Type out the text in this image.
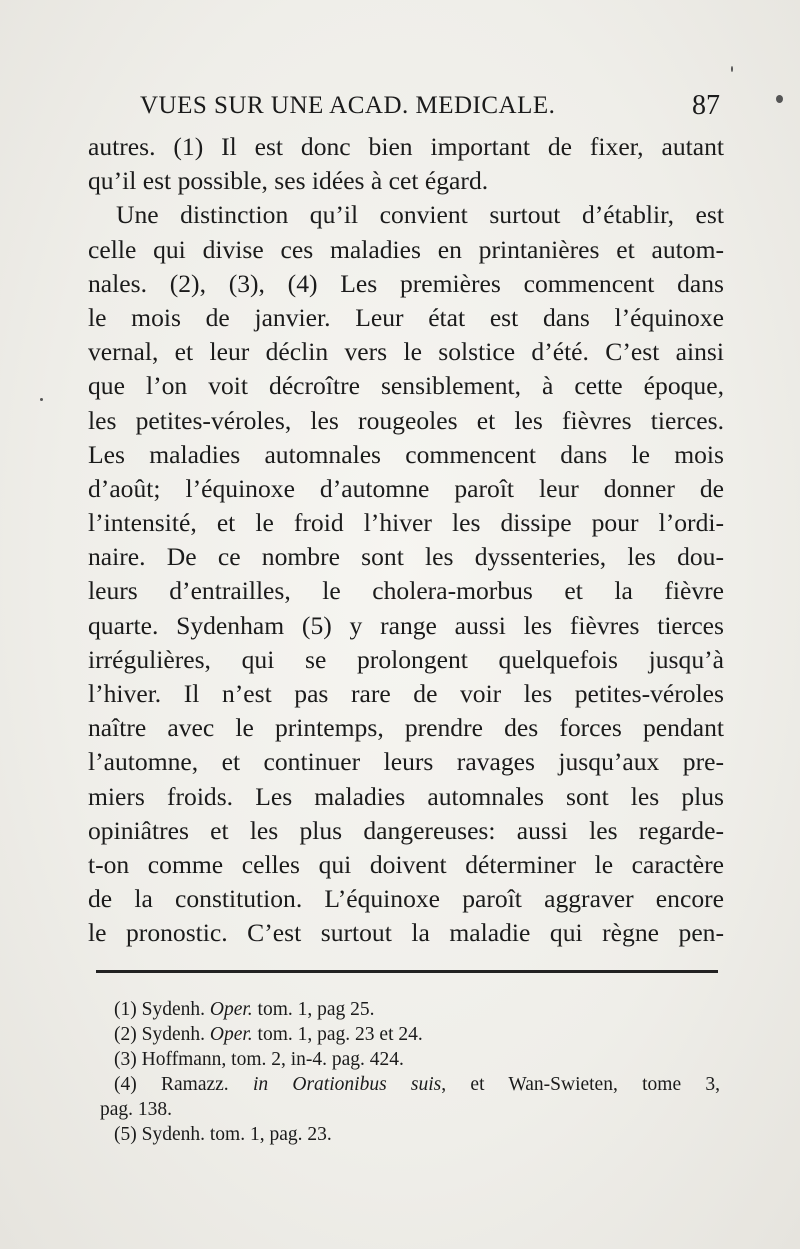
VUES SUR UNE ACAD. MEDICALE.	87
autres. (1) Il est donc bien important de fixer, autant
qu’il est possible, ses idées à cet égard.
Une distinction qu’il convient surtout d’établir, est
celle qui divise ces maladies en printanières et autom-
nales. (2), (3), (4) Les premières commencent dans
le mois de janvier. Leur état est dans l’équinoxe
vernal, et leur déclin vers le solstice d’été. C’est ainsi
que l’on voit décroître sensiblement, à cette époque,
les petites-véroles, les rougeoles et les fièvres tierces.
Les maladies automnales commencent dans le mois
d’août; l’équinoxe d’automne paroît leur donner de
l’intensité, et le froid l’hiver les dissipe pour l’ordi-
naire. De ce nombre sont les dyssenteries, les dou-
leurs d’entrailles, le cholera-morbus et la fièvre
quarte. Sydenham (5) y range aussi les fièvres tierces
irrégulières, qui se prolongent quelquefois jusqu’à
l’hiver. Il n’est pas rare de voir les petites-véroles
naître avec le printemps, prendre des forces pendant
l’automne, et continuer leurs ravages jusqu’aux pre-
miers froids. Les maladies automnales sont les plus
opiniâtres et les plus dangereuses: aussi les regarde-
t-on comme celles qui doivent déterminer le caractère
de la constitution. L’équinoxe paroît aggraver encore
le pronostic. C’est surtout la maladie qui règne pen-
(1) Sydenh. Oper. tom. 1, pag 25.
(2) Sydenh. Oper. tom. 1, pag. 23 et 24.
(3) Hoffmann, tom. 2, in-4. pag. 424.
(4) Ramazz. in Orationibus suis, et Wan-Swieten, tome 3,
pag. 138.
(5) Sydenh. tom. 1, pag. 23.
